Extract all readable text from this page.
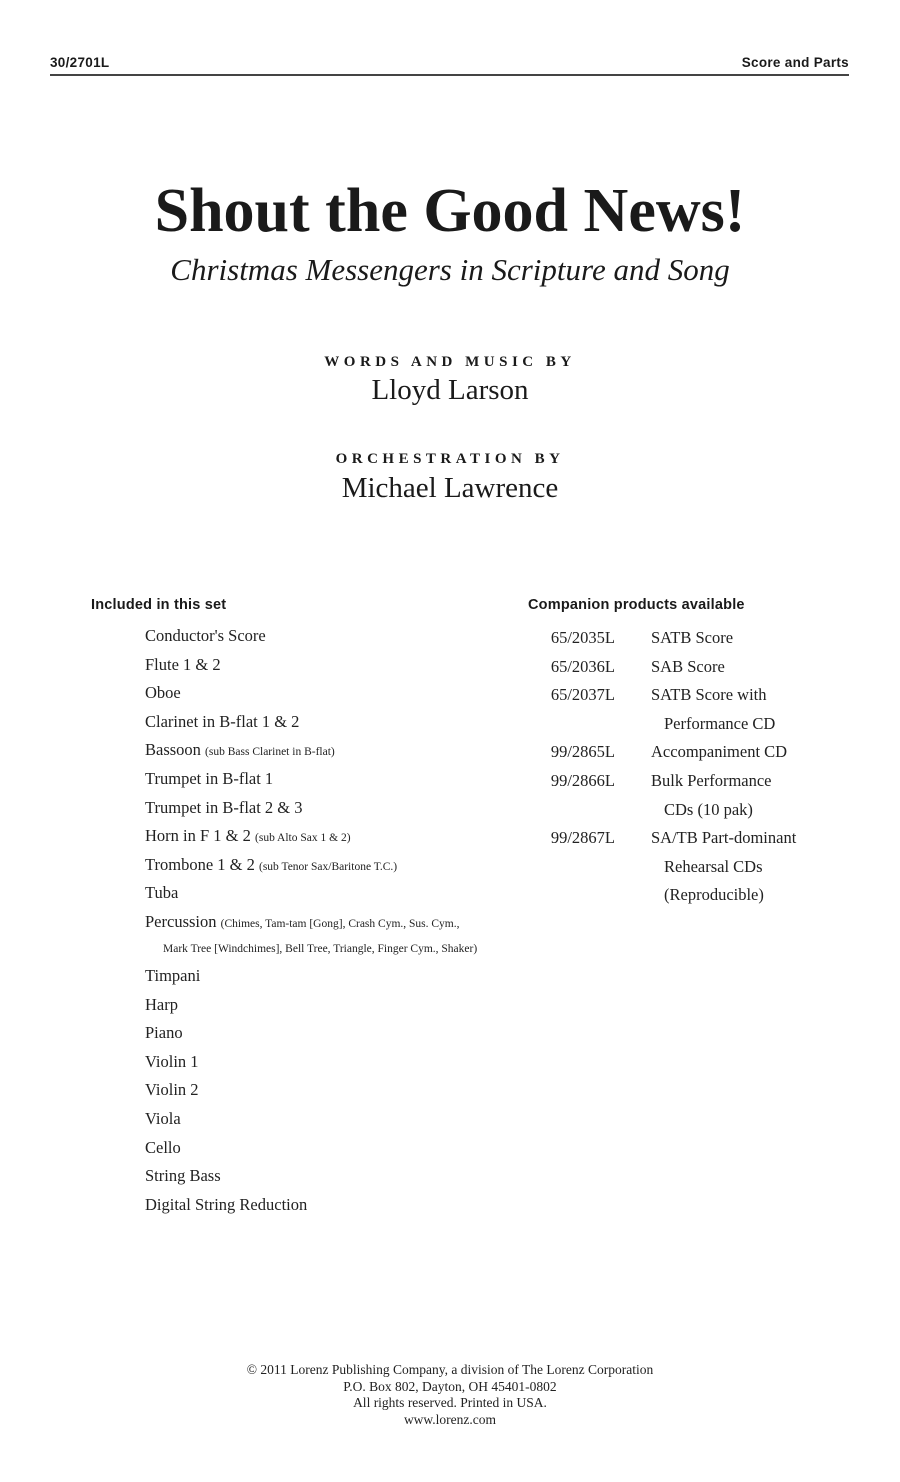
30/2701L	Score and Parts
Shout the Good News!
Christmas Messengers in Scripture and Song
WORDS AND MUSIC BY
Lloyd Larson
ORCHESTRATION BY
Michael Lawrence
Included in this set	Companion products available
Conductor's Score
Flute 1 & 2
Oboe
Clarinet in B-flat 1 & 2
Bassoon (sub Bass Clarinet in B-flat)
Trumpet in B-flat 1
Trumpet in B-flat 2 & 3
Horn in F 1 & 2 (sub Alto Sax 1 & 2)
Trombone 1 & 2 (sub Tenor Sax/Baritone T.C.)
Tuba
Percussion (Chimes, Tam-tam [Gong], Crash Cym., Sus. Cym.,
Mark Tree [Windchimes], Bell Tree, Triangle, Finger Cym., Shaker)
Timpani
Harp
Piano
Violin 1
Violin 2
Viola
Cello
String Bass
Digital String Reduction
65/2035L	SATB Score
65/2036L	SAB Score
65/2037L	SATB Score with
Performance CD
99/2865L	Accompaniment CD
99/2866L	Bulk Performance
CDs (10 pak)
99/2867L	SA/TB Part-dominant
Rehearsal CDs
(Reproducible)
© 2011 Lorenz Publishing Company, a division of The Lorenz Corporation
P.O. Box 802, Dayton, OH 45401-0802
All rights reserved. Printed in USA.
www.lorenz.com
